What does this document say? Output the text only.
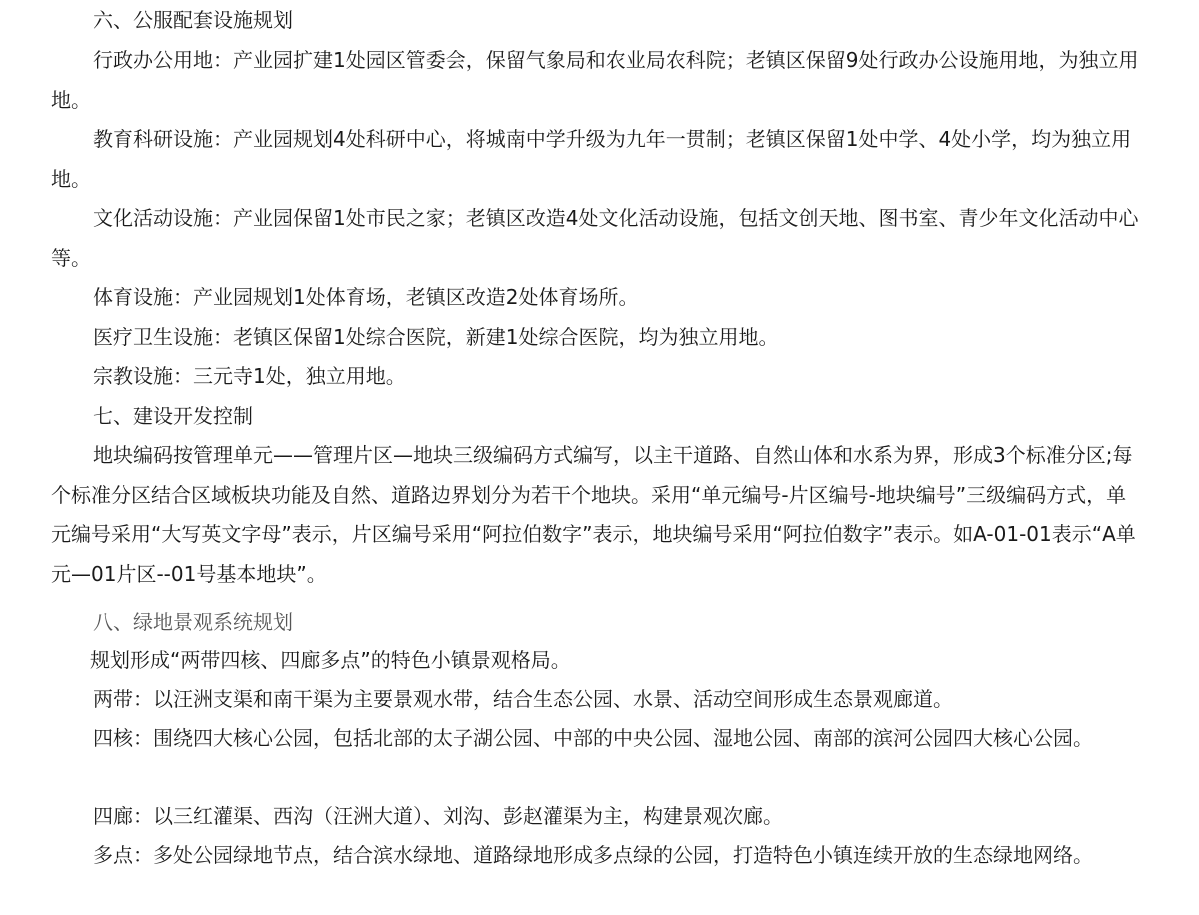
六、公服配套设施规划

行政办公用地：产业园扩建1处园区管委会，保留气象局和农业局农科院；老镇区保留9处行政办公设施用地，为独立用地。

教育科研设施：产业园规划4处科研中心，将城南中学升级为九年一贯制；老镇区保留1处中学、4处小学，均为独立用地。

文化活动设施：产业园保留1处市民之家；老镇区改造4处文化活动设施，包括文创天地、图书室、青少年文化活动中心等。

体育设施：产业园规划1处体育场，老镇区改造2处体育场所。

医疗卫生设施：老镇区保留1处综合医院，新建1处综合医院，均为独立用地。

宗教设施：三元寺1处，独立用地。

七、建设开发控制

地块编码按管理单元——管理片区—地块三级编码方式编写，以主干道路、自然山体和水系为界，形成3个标准分区;每个标准分区结合区域板块功能及自然、道路边界划分为若干个地块。采用“单元编号-片区编号-地块编号”三级编码方式，单元编号采用“大写英文字母”表示，片区编号采用“阿拉伯数字”表示，地块编号采用“阿拉伯数字”表示。如A-01-01表示“A单元—01片区--01号基本地块”。

八、绿地景观系统规划

规划形成“两带四核、四廊多点”的特色小镇景观格局。

两带：以汪洲支渠和南干渠为主要景观水带，结合生态公园、水景、活动空间形成生态景观廊道。

四核：围绕四大核心公园，包括北部的太子湖公园、中部的中央公园、湿地公园、南部的滨河公园四大核心公园。

四廊：以三红灌渠、西沟（汪洲大道）、刘沟、彭赵灌渠为主，构建景观次廊。

多点：多处公园绿地节点，结合滨水绿地、道路绿地形成多点绿的公园，打造特色小镇连续开放的生态绿地网络。
